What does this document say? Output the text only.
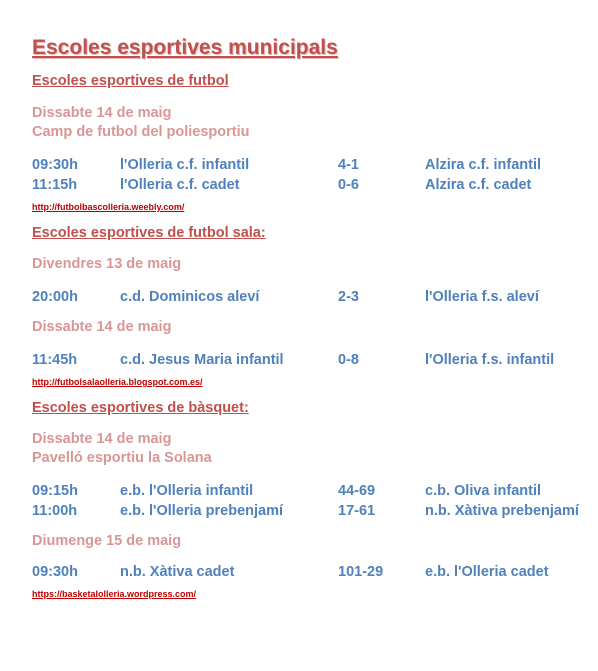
Escoles esportives municipals
Escoles esportives de futbol

Dissabte 14 de maig

Camp de futbol del poliesportiu

09:30h	l'Olleria c.f. infantil	4-1	Alzira c.f. infantil
11:15h	l'Olleria c.f. cadet	0-6	Alzira c.f. cadet
http://futbolbascolleria.weebly.com/
Escoles esportives de futbol sala:

Divendres 13 de maig

20:00h	c.d. Dominicos aleví	2-3	l'Olleria f.s. aleví

Dissabte 14 de maig

11:45h	c.d. Jesus Maria infantil	0-8	l'Olleria f.s. infantil
http://futbolsalaolleria.blogspot.com.es/
Escoles esportives de bàsquet:

Dissabte 14 de maig

Pavelló esportiu la Solana

09:15h	e.b. l'Olleria infantil	44-69	c.b. Oliva infantil
11:00h	e.b. l'Olleria prebenjamí	17-61	n.b. Xàtiva prebenjamí

Diumenge 15 de maig

09:30h	n.b. Xàtiva cadet	101-29	e.b. l'Olleria cadet
https://basketalolleria.wordpress.com/
